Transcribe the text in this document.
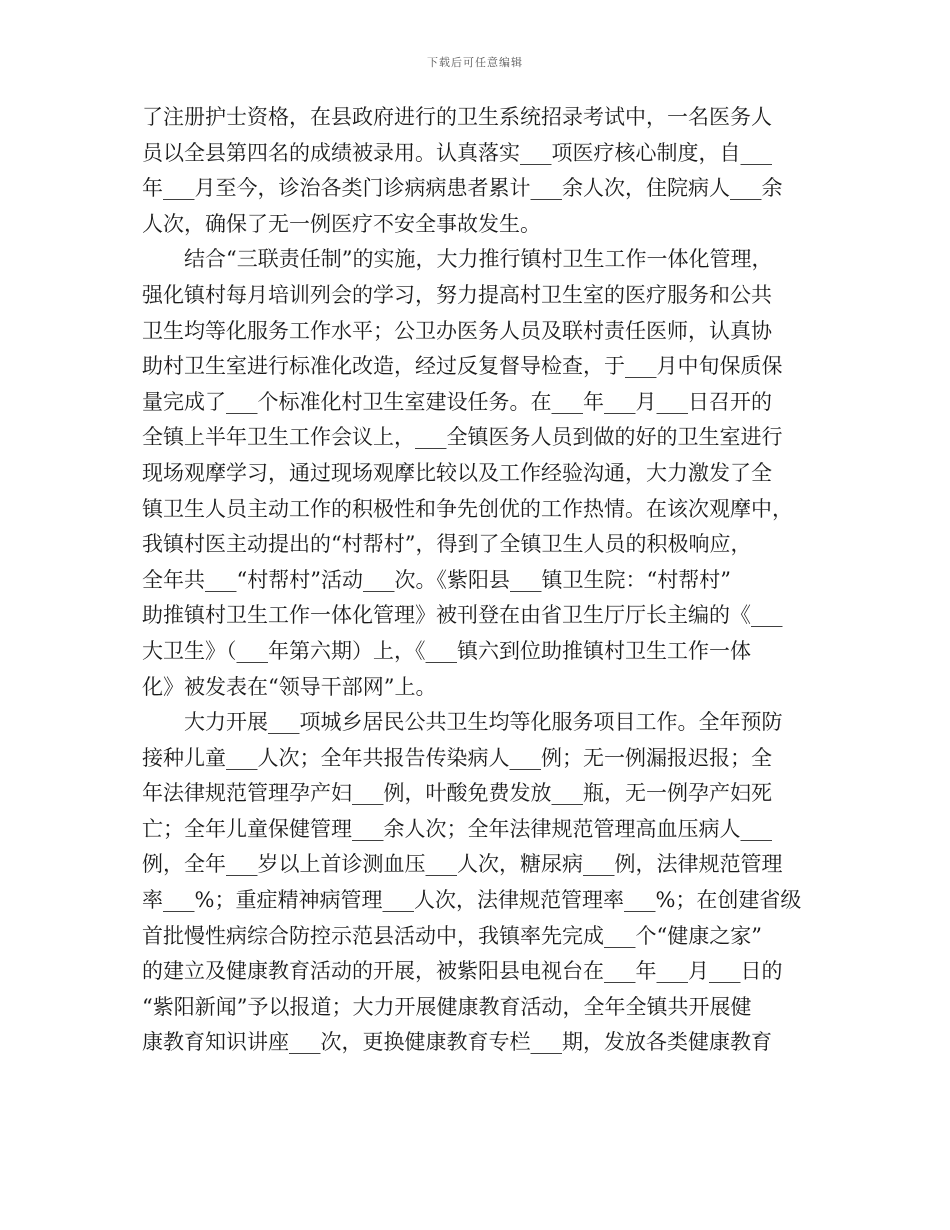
下载后可任意编辑
了注册护士资格，在县政府进行的卫生系统招录考试中，一名医务人
员以全县第四名的成绩被录用。认真落实___项医疗核心制度，自___
年___月至今，诊治各类门诊病病患者累计___余人次，住院病人___余
人次，确保了无一例医疗不安全事故发生。
　　结合“三联责任制”的实施，大力推行镇村卫生工作一体化管理，
强化镇村每月培训列会的学习，努力提高村卫生室的医疗服务和公共
卫生均等化服务工作水平；公卫办医务人员及联村责任医师，认真协
助村卫生室进行标准化改造，经过反复督导检查，于___月中旬保质保
量完成了___个标准化村卫生室建设任务。在___年___月___日召开的
全镇上半年卫生工作会议上，___全镇医务人员到做的好的卫生室进行
现场观摩学习，通过现场观摩比较以及工作经验沟通，大力激发了全
镇卫生人员主动工作的积极性和争先创优的工作热情。在该次观摩中，
我镇村医主动提出的“村帮村”，得到了全镇卫生人员的积极响应，
全年共___“村帮村”活动___次。《紫阳县___镇卫生院：“村帮村”
助推镇村卫生工作一体化管理》被刊登在由省卫生厅厅长主编的《___
大卫生》（___年第六期）上，《___镇六到位助推镇村卫生工作一体
化》被发表在“领导干部网”上。
　　大力开展___项城乡居民公共卫生均等化服务项目工作。全年预防
接种儿童___人次；全年共报告传染病人___例；无一例漏报迟报；全
年法律规范管理孕产妇___例，叶酸免费发放___瓶，无一例孕产妇死
亡；全年儿童保健管理___余人次；全年法律规范管理高血压病人___
例，全年___岁以上首诊测血压___人次，糖尿病___例，法律规范管理
率___%；重症精神病管理___人次，法律规范管理率___%；在创建省级
首批慢性病综合防控示范县活动中，我镇率先完成___个“健康之家”
的建立及健康教育活动的开展，被紫阳县电视台在___年___月___日的
“紫阳新闻”予以报道；大力开展健康教育活动，全年全镇共开展健
康教育知识讲座___次，更换健康教育专栏___期，发放各类健康教育
